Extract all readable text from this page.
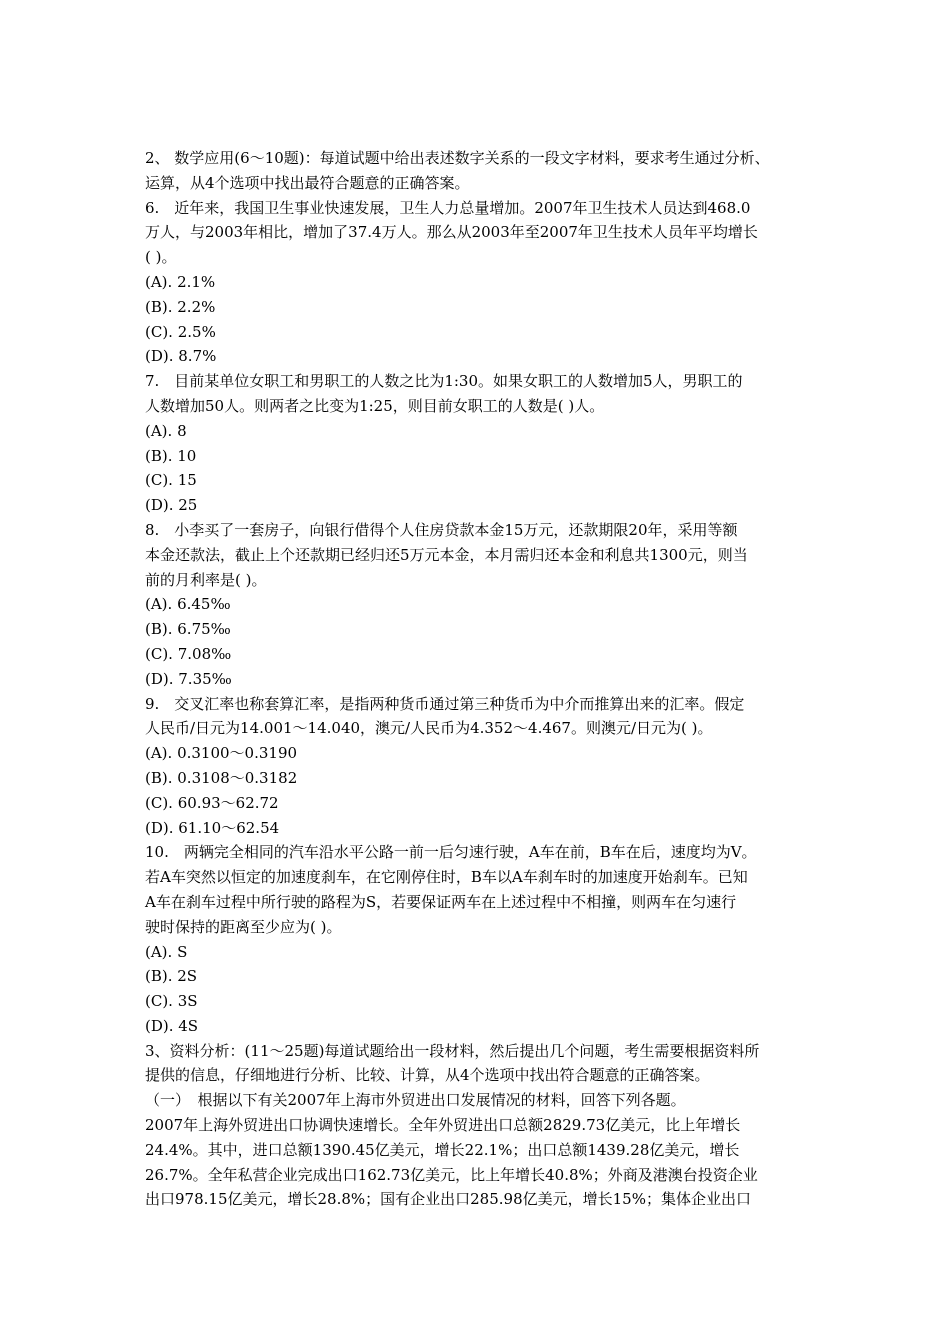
2、 数学应用(6～10题)：每道试题中给出表述数字关系的一段文字材料，要求考生通过分析、
运算，从4个选项中找出最符合题意的正确答案。
6.　近年来，我国卫生事业快速发展，卫生人力总量增加。2007年卫生技术人员达到468.0
万人，与2003年相比，增加了37.4万人。那么从2003年至2007年卫生技术人员年平均增长
( )。
(A). 2.1%
(B). 2.2%
(C). 2.5%
(D). 8.7%
7.　目前某单位女职工和男职工的人数之比为1:30。如果女职工的人数增加5人，男职工的
人数增加50人。则两者之比变为1:25，则目前女职工的人数是( )人。
(A). 8
(B). 10
(C). 15
(D). 25
8.　小李买了一套房子，向银行借得个人住房贷款本金15万元，还款期限20年，采用等额
本金还款法，截止上个还款期已经归还5万元本金，本月需归还本金和利息共1300元，则当
前的月利率是( )。
(A). 6.45‰
(B). 6.75‰
(C). 7.08‰
(D). 7.35‰
9.　交叉汇率也称套算汇率，是指两种货币通过第三种货币为中介而推算出来的汇率。假定
人民币/日元为14.001～14.040，澳元/人民币为4.352～4.467。则澳元/日元为( )。
(A). 0.3100～0.3190
(B). 0.3108～0.3182
(C). 60.93～62.72
(D). 61.10～62.54
10.　两辆完全相同的汽车沿水平公路一前一后匀速行驶，A车在前，B车在后，速度均为V。
若A车突然以恒定的加速度刹车，在它刚停住时，B车以A车刹车时的加速度开始刹车。已知
A车在刹车过程中所行驶的路程为S，若要保证两车在上述过程中不相撞，则两车在匀速行
驶时保持的距离至少应为( )。
(A). S
(B). 2S
(C). 3S
(D). 4S
3、资料分析：(11～25题)每道试题给出一段材料，然后提出几个问题，考生需要根据资料所
提供的信息，仔细地进行分析、比较、计算，从4个选项中找出符合题意的正确答案。
（一）　根据以下有关2007年上海市外贸进出口发展情况的材料，回答下列各题。
2007年上海外贸进出口协调快速增长。全年外贸进出口总额2829.73亿美元，比上年增长
24.4%。其中，进口总额1390.45亿美元，增长22.1%；出口总额1439.28亿美元，增长
26.7%。全年私营企业完成出口162.73亿美元，比上年增长40.8%；外商及港澳台投资企业
出口978.15亿美元，增长28.8%；国有企业出口285.98亿美元，增长15%；集体企业出口
